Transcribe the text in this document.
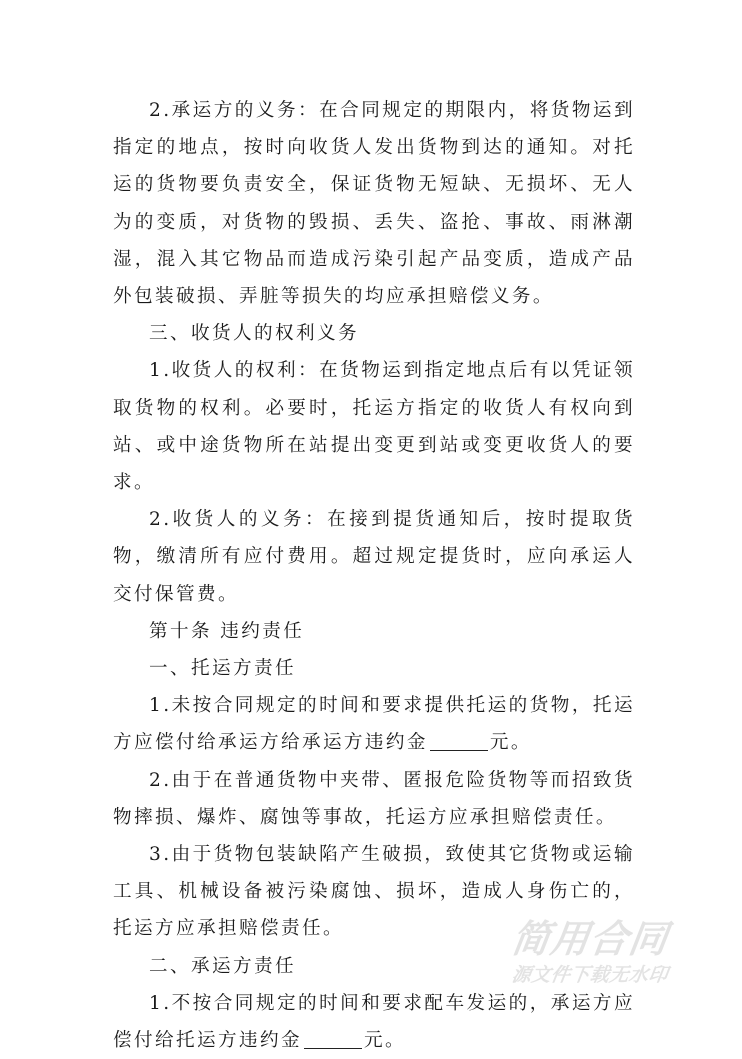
2.承运方的义务：在合同规定的期限内，将货物运到指定的地点，按时向收货人发出货物到达的通知。对托运的货物要负责安全，保证货物无短缺、无损坏、无人为的变质，对货物的毁损、丢失、盗抢、事故、雨淋潮湿，混入其它物品而造成污染引起产品变质，造成产品外包装破损、弄脏等损失的均应承担赔偿义务。

三、收货人的权利义务

1.收货人的权利：在货物运到指定地点后有以凭证领取货物的权利。必要时，托运方指定的收货人有权向到站、或中途货物所在站提出变更到站或变更收货人的要求。

2.收货人的义务：在接到提货通知后，按时提取货物，缴清所有应付费用。超过规定提货时，应向承运人交付保管费。

第十条 违约责任

一、托运方责任

1.未按合同规定的时间和要求提供托运的货物，托运方应偿付给承运方给承运方违约金	元。

2.由于在普通货物中夹带、匿报危险货物等而招致货物摔损、爆炸、腐蚀等事故，托运方应承担赔偿责任。

3.由于货物包装缺陷产生破损，致使其它货物或运输工具、机械设备被污染腐蚀、损坏，造成人身伤亡的，托运方应承担赔偿责任。

二、承运方责任

1.不按合同规定的时间和要求配车发运的，承运方应偿付给托运方违约金	元。

简用合同
源文件下载无水印
